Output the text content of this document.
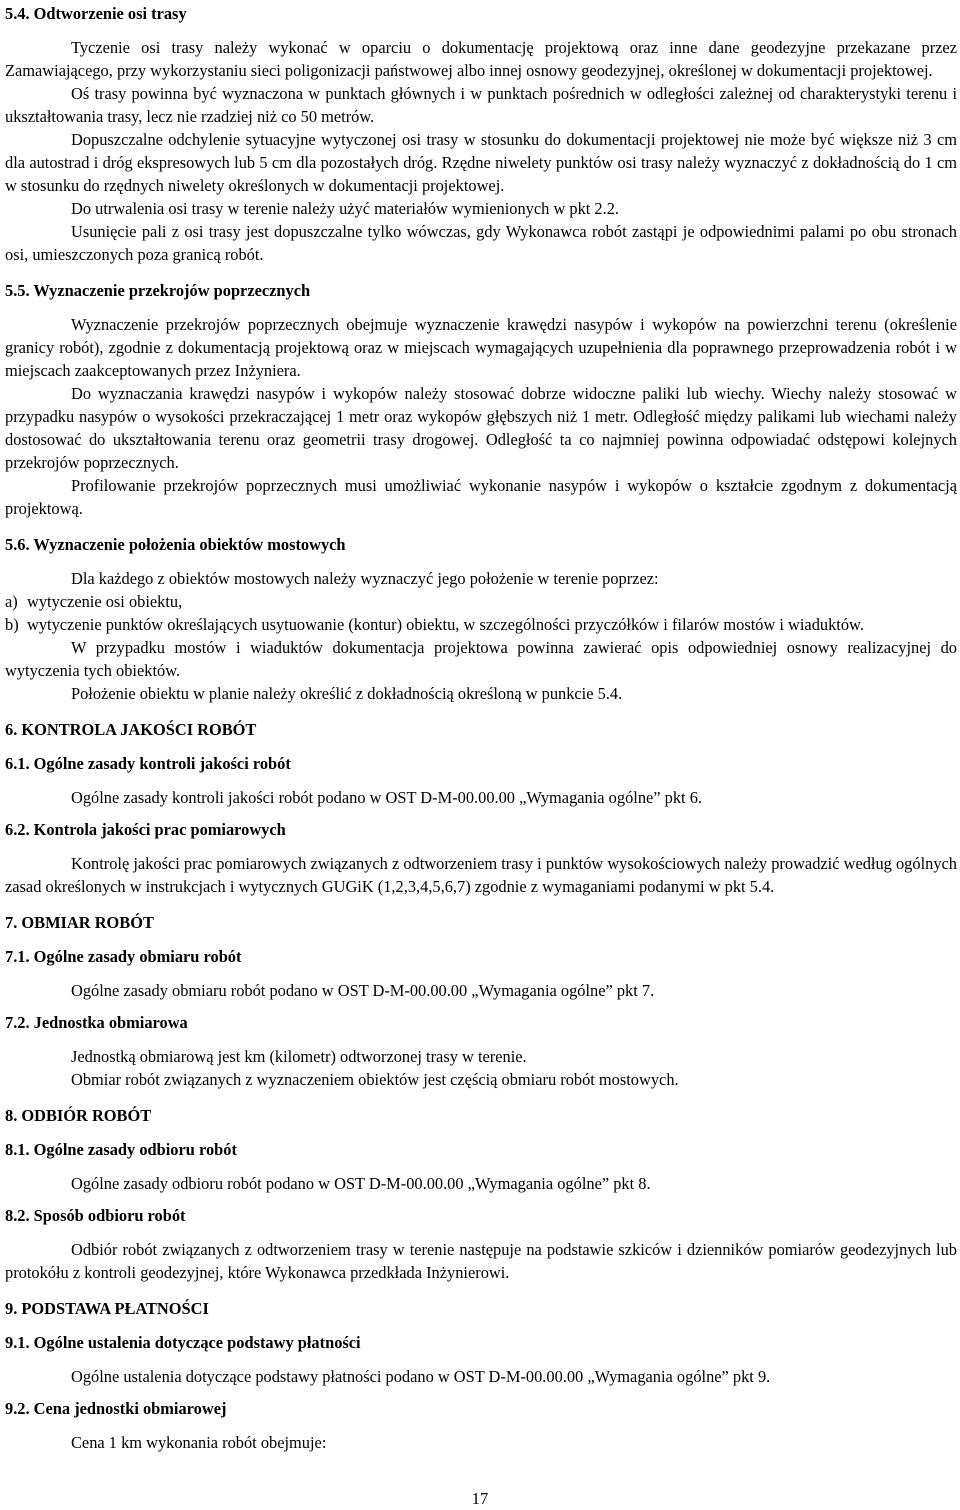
5.4. Odtworzenie osi trasy

Tyczenie osi trasy należy wykonać w oparciu o dokumentację projektową oraz inne dane geodezyjne przekazane przez Zamawiającego, przy wykorzystaniu sieci poligonizacji państwowej albo innej osnowy geodezyjnej, określonej w dokumentacji projektowej.

Oś trasy powinna być wyznaczona w punktach głównych i w punktach pośrednich w odległości zależnej od charakterystyki terenu i ukształtowania trasy, lecz nie rzadziej niż co 50 metrów.

Dopuszczalne odchylenie sytuacyjne wytyczonej osi trasy w stosunku do dokumentacji projektowej nie może być większe niż 3 cm dla autostrad i dróg ekspresowych lub 5 cm dla pozostałych dróg. Rzędne niwelety punktów osi trasy należy wyznaczyć z dokładnością do 1 cm w stosunku do rzędnych niwelety określonych w dokumentacji projektowej.

Do utrwalenia osi trasy w terenie należy użyć materiałów wymienionych w pkt 2.2.

Usunięcie pali z osi trasy jest dopuszczalne tylko wówczas, gdy Wykonawca robót zastąpi je odpowiednimi palami po obu stronach osi, umieszczonych poza granicą robót.

5.5. Wyznaczenie przekrojów poprzecznych

Wyznaczenie przekrojów poprzecznych obejmuje wyznaczenie krawędzi nasypów i wykopów na powierzchni terenu (określenie granicy robót), zgodnie z dokumentacją projektową oraz w miejscach wymagających uzupełnienia dla poprawnego przeprowadzenia robót i w miejscach zaakceptowanych przez Inżyniera.

Do wyznaczania krawędzi nasypów i wykopów należy stosować dobrze widoczne paliki lub wiechy. Wiechy należy stosować w przypadku nasypów o wysokości przekraczającej 1 metr oraz wykopów głębszych niż 1 metr. Odległość między palikami lub wiechami należy dostosować do ukształtowania terenu oraz geometrii trasy drogowej. Odległość ta co najmniej powinna odpowiadać odstępowi kolejnych przekrojów poprzecznych.

Profilowanie przekrojów poprzecznych musi umożliwiać wykonanie nasypów i wykopów o kształcie zgodnym z dokumentacją projektową.

5.6. Wyznaczenie położenia obiektów mostowych

Dla każdego z obiektów mostowych należy wyznaczyć jego położenie w terenie poprzez:

a) wytyczenie osi obiektu,

b) wytyczenie punktów określających usytuowanie (kontur) obiektu, w szczególności przyczółków i filarów mostów i wiaduktów.

W przypadku mostów i wiaduktów dokumentacja projektowa powinna zawierać opis odpowiedniej osnowy realizacyjnej do wytyczenia tych obiektów.

Położenie obiektu w planie należy określić z dokładnością określoną w punkcie 5.4.

6. KONTROLA JAKOŚCI ROBÓT

6.1. Ogólne zasady kontroli jakości robót

Ogólne zasady kontroli jakości robót podano w OST D-M-00.00.00 „Wymagania ogólne” pkt 6.

6.2. Kontrola jakości prac pomiarowych

Kontrolę jakości prac pomiarowych związanych z odtworzeniem trasy i punktów wysokościowych należy prowadzić według ogólnych zasad określonych w instrukcjach i wytycznych GUGiK (1,2,3,4,5,6,7) zgodnie z wymaganiami podanymi w pkt 5.4.

7. OBMIAR ROBÓT

7.1. Ogólne zasady obmiaru robót

Ogólne zasady obmiaru robót podano w OST D-M-00.00.00 „Wymagania ogólne” pkt 7.

7.2. Jednostka obmiarowa

Jednostką obmiarową jest km (kilometr) odtworzonej trasy w terenie.

Obmiar robót związanych z wyznaczeniem obiektów jest częścią obmiaru robót mostowych.

8. ODBIÓR ROBÓT

8.1. Ogólne zasady odbioru robót

Ogólne zasady odbioru robót podano w OST D-M-00.00.00 „Wymagania ogólne” pkt 8.

8.2. Sposób odbioru robót

Odbiór robót związanych z odtworzeniem trasy w terenie następuje na podstawie szkiców i dzienników pomiarów geodezyjnych lub protokółu z kontroli geodezyjnej, które Wykonawca przedkłada Inżynierowi.

9. PODSTAWA PŁATNOŚCI

9.1. Ogólne ustalenia dotyczące podstawy płatności

Ogólne ustalenia dotyczące podstawy płatności podano w OST D-M-00.00.00 „Wymagania ogólne” pkt 9.

9.2. Cena jednostki obmiarowej

Cena 1 km wykonania robót obejmuje:

17
